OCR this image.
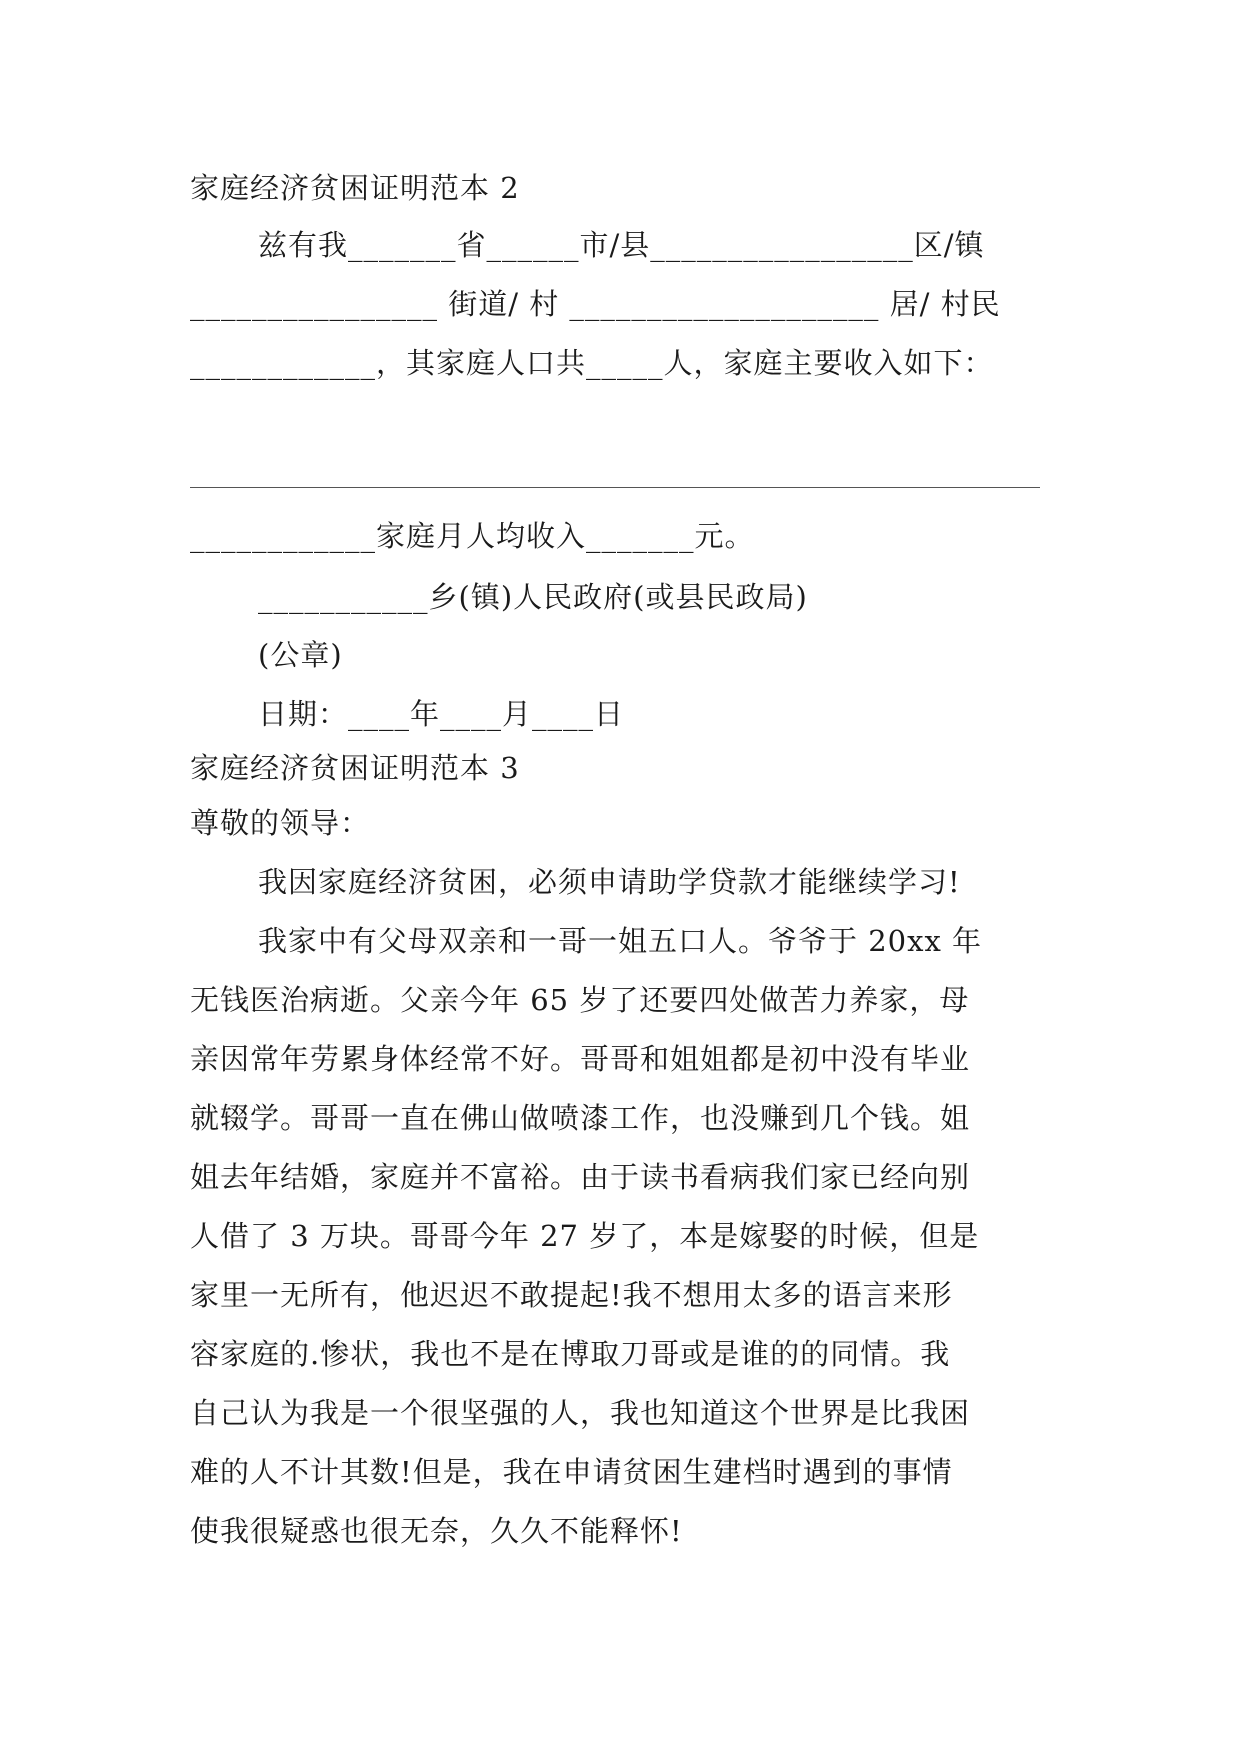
家庭经济贫困证明范本 2
兹有我_______省______市/县_________________区/镇
________________ 街道/ 村 ____________________ 居/ 村民
____________，其家庭人口共_____人，家庭主要收入如下：
____________家庭月人均收入_______元。
___________乡(镇)人民政府(或县民政局)
(公章)
日期：____年____月____日
家庭经济贫困证明范本 3
尊敬的领导：
我因家庭经济贫困，必须申请助学贷款才能继续学习!
我家中有父母双亲和一哥一姐五口人。爷爷于 20xx 年
无钱医治病逝。父亲今年 65 岁了还要四处做苦力养家，母
亲因常年劳累身体经常不好。哥哥和姐姐都是初中没有毕业
就辍学。哥哥一直在佛山做喷漆工作，也没赚到几个钱。姐
姐去年结婚，家庭并不富裕。由于读书看病我们家已经向别
人借了 3 万块。哥哥今年 27 岁了，本是嫁娶的时候，但是
家里一无所有，他迟迟不敢提起!我不想用太多的语言来形
容家庭的.惨状，我也不是在博取刀哥或是谁的的同情。我
自己认为我是一个很坚强的人，我也知道这个世界是比我困
难的人不计其数!但是，我在申请贫困生建档时遇到的事情
使我很疑惑也很无奈，久久不能释怀!
